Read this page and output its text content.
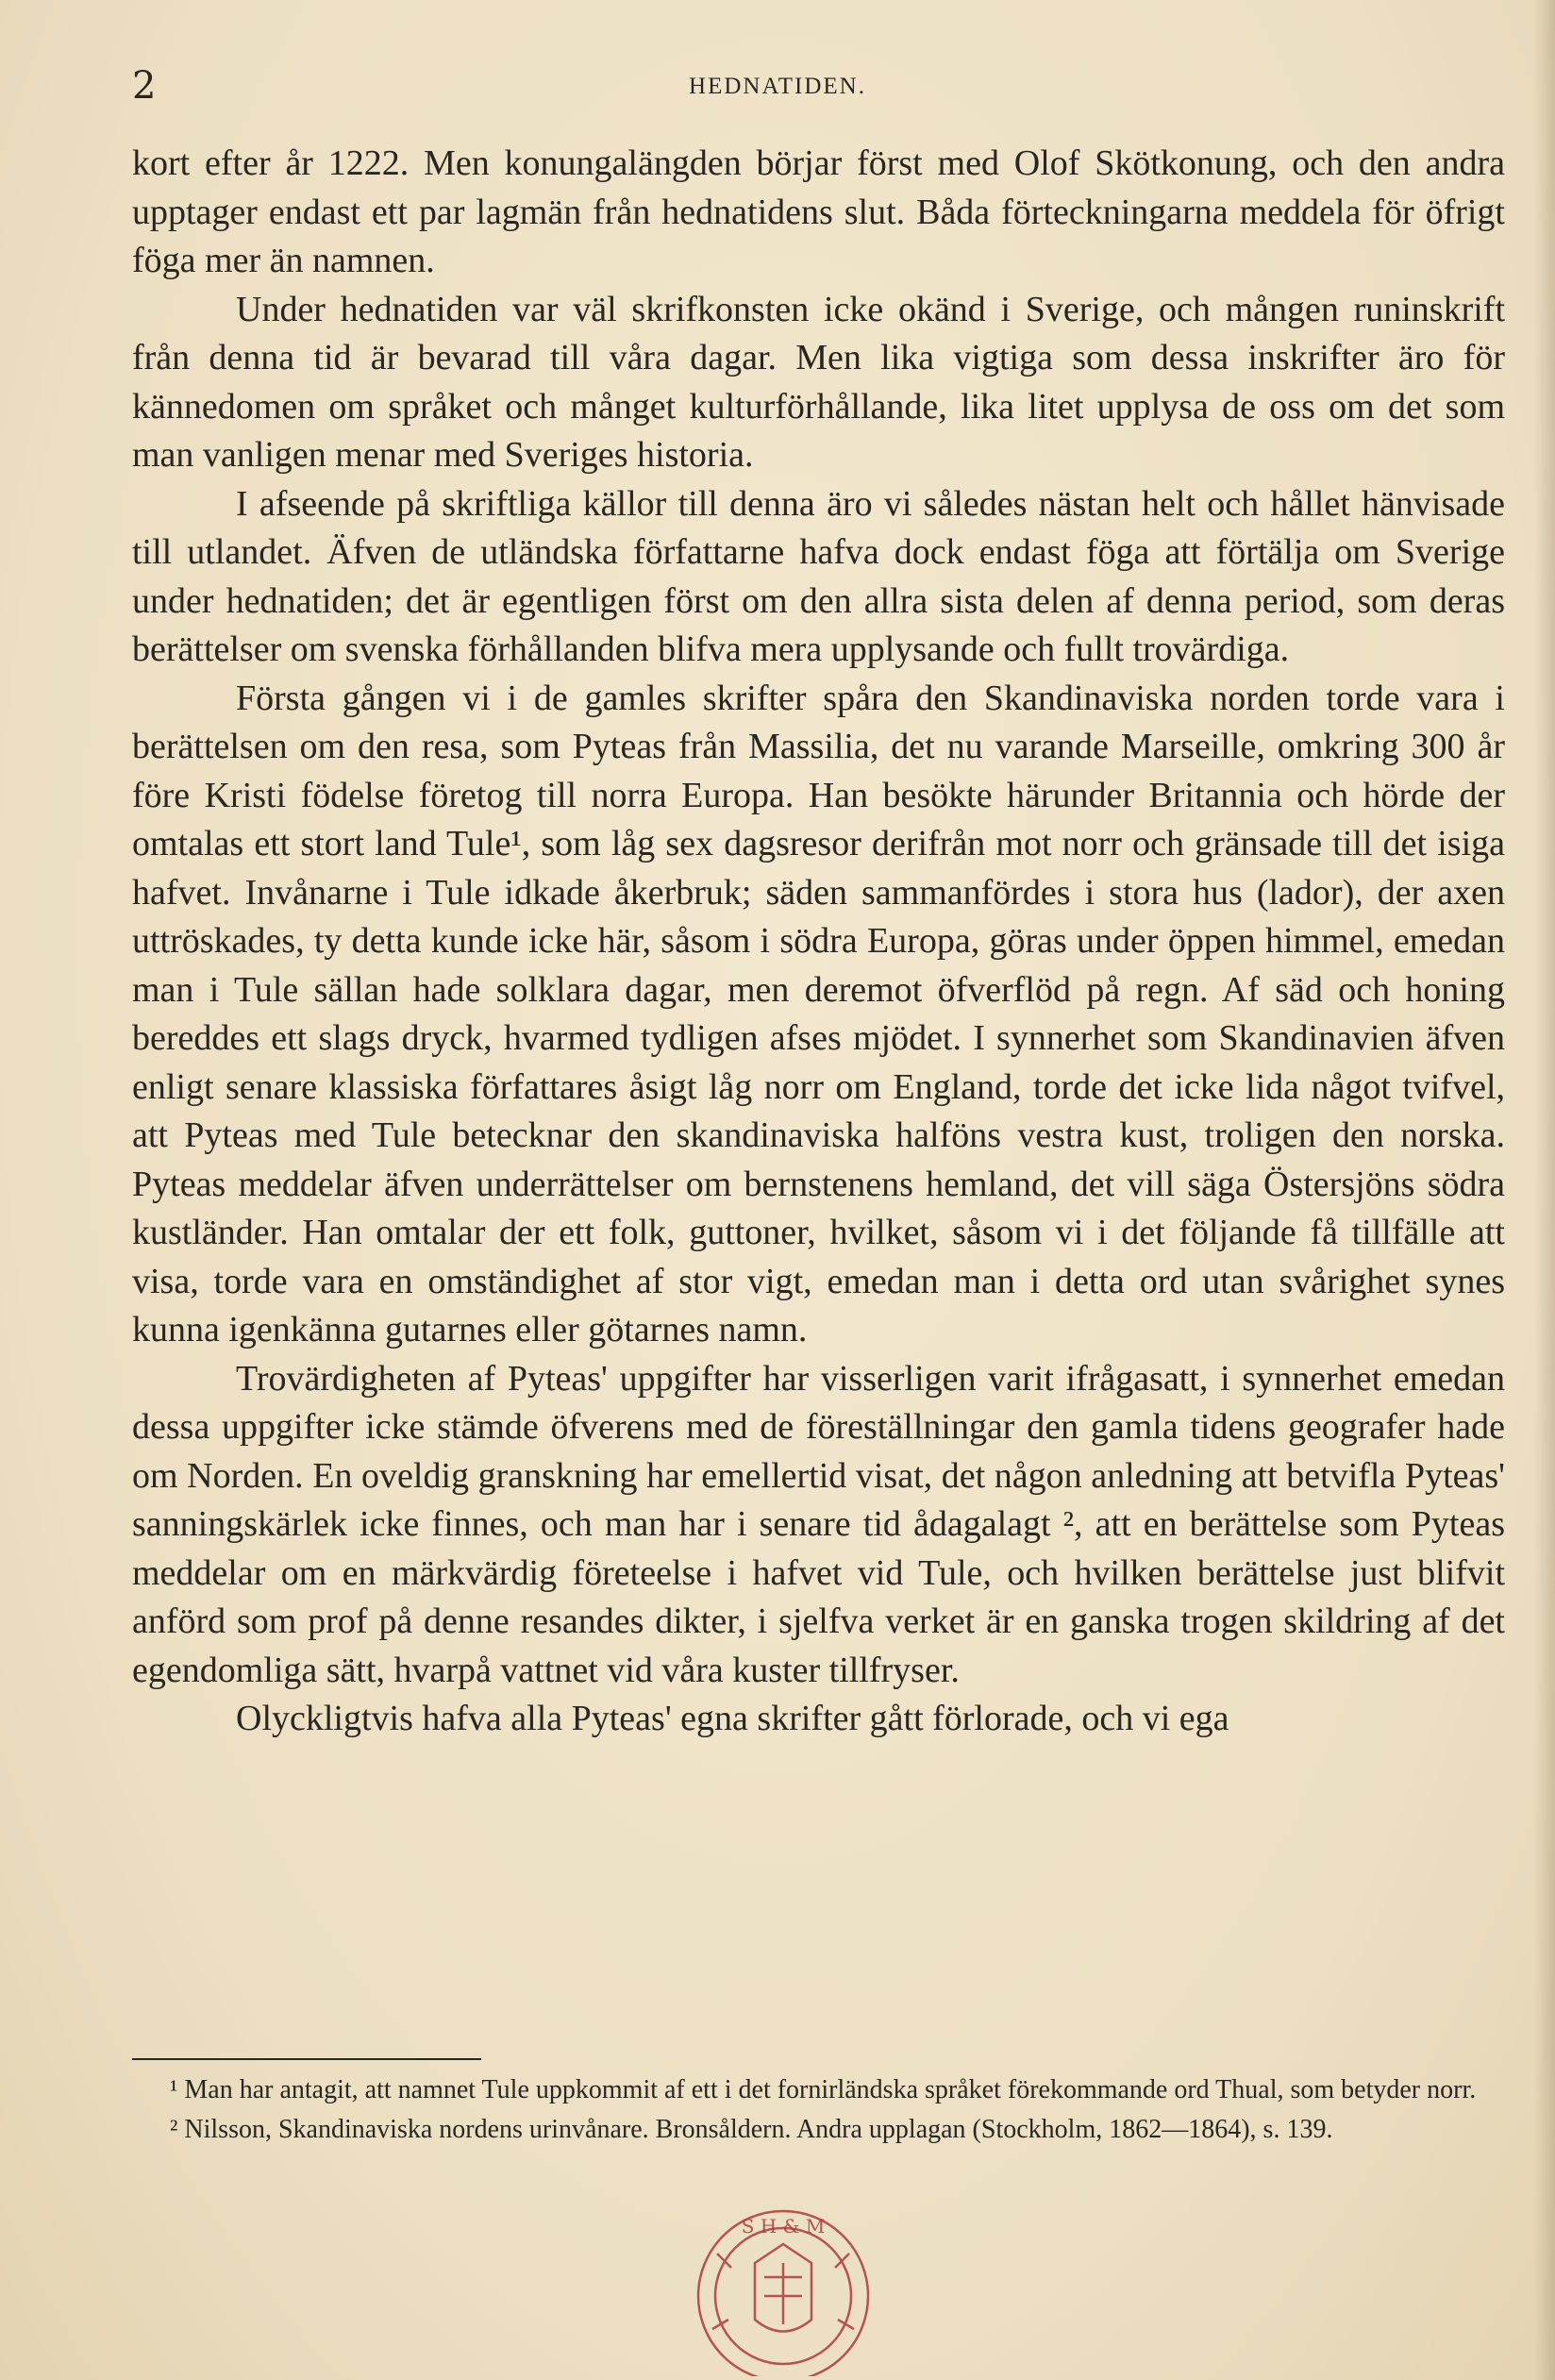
2	HEDNATIDEN.

kort efter år 1222. Men konungalängden börjar först med Olof Skötkonung, och den andra upptager endast ett par lagmän från hednatidens slut. Båda förteckningarna meddela för öfrigt föga mer än namnen.

Under hednatiden var väl skrifkonsten icke okänd i Sverige, och mången runinskrift från denna tid är bevarad till våra dagar. Men lika vigtiga som dessa inskrifter äro för kännedomen om språket och månget kulturförhållande, lika litet upplysa de oss om det som man vanligen menar med Sveriges historia.

I afseende på skriftliga källor till denna äro vi således nästan helt och hållet hänvisade till utlandet. Äfven de utländska författarne hafva dock endast föga att förtälja om Sverige under hednatiden; det är egentligen först om den allra sista delen af denna period, som deras berättelser om svenska förhållanden blifva mera upplysande och fullt trovärdiga.

Första gången vi i de gamles skrifter spåra den Skandinaviska norden torde vara i berättelsen om den resa, som Pyteas från Massilia, det nu varande Marseille, omkring 300 år före Kristi födelse företog till norra Europa. Han besökte härunder Britannia och hörde der omtalas ett stort land Tule¹, som låg sex dagsresor derifrån mot norr och gränsade till det isiga hafvet. Invånarne i Tule idkade åkerbruk; säden sammanfördes i stora hus (lador), der axen uttröskades, ty detta kunde icke här, såsom i södra Europa, göras under öppen himmel, emedan man i Tule sällan hade solklara dagar, men deremot öfverflöd på regn. Af säd och honing bereddes ett slags dryck, hvarmed tydligen afses mjödet. I synnerhet som Skandinavien äfven enligt senare klassiska författares åsigt låg norr om England, torde det icke lida något tvifvel, att Pyteas med Tule betecknar den skandinaviska halföns vestra kust, troligen den norska. Pyteas meddelar äfven underrättelser om bernstenens hemland, det vill säga Östersjöns södra kustländer. Han omtalar der ett folk, guttoner, hvilket, såsom vi i det följande få tillfälle att visa, torde vara en omständighet af stor vigt, emedan man i detta ord utan svårighet synes kunna igenkänna gutarnes eller götarnes namn.

Trovärdigheten af Pyteas' uppgifter har visserligen varit ifrågasatt, i synnerhet emedan dessa uppgifter icke stämde öfverens med de föreställningar den gamla tidens geografer hade om Norden. En oveldig granskning har emellertid visat, det någon anledning att betvifla Pyteas' sanningskärlek icke finnes, och man har i senare tid ådagalagt ², att en berättelse som Pyteas meddelar om en märkvärdig företeelse i hafvet vid Tule, och hvilken berättelse just blifvit anförd som prof på denne resandes dikter, i sjelfva verket är en ganska trogen skildring af det egendomliga sätt, hvarpå vattnet vid våra kuster tillfryser.

Olyckligtvis hafva alla Pyteas' egna skrifter gått förlorade, och vi ega

¹ Man har antagit, att namnet Tule uppkommit af ett i det fornirländska språket förekommande ord Thual, som betyder norr.

² Nilsson, Skandinaviska nordens urinvånare. Bronsåldern. Andra upplagan (Stockholm, 1862—1864), s. 139.

S H & M
